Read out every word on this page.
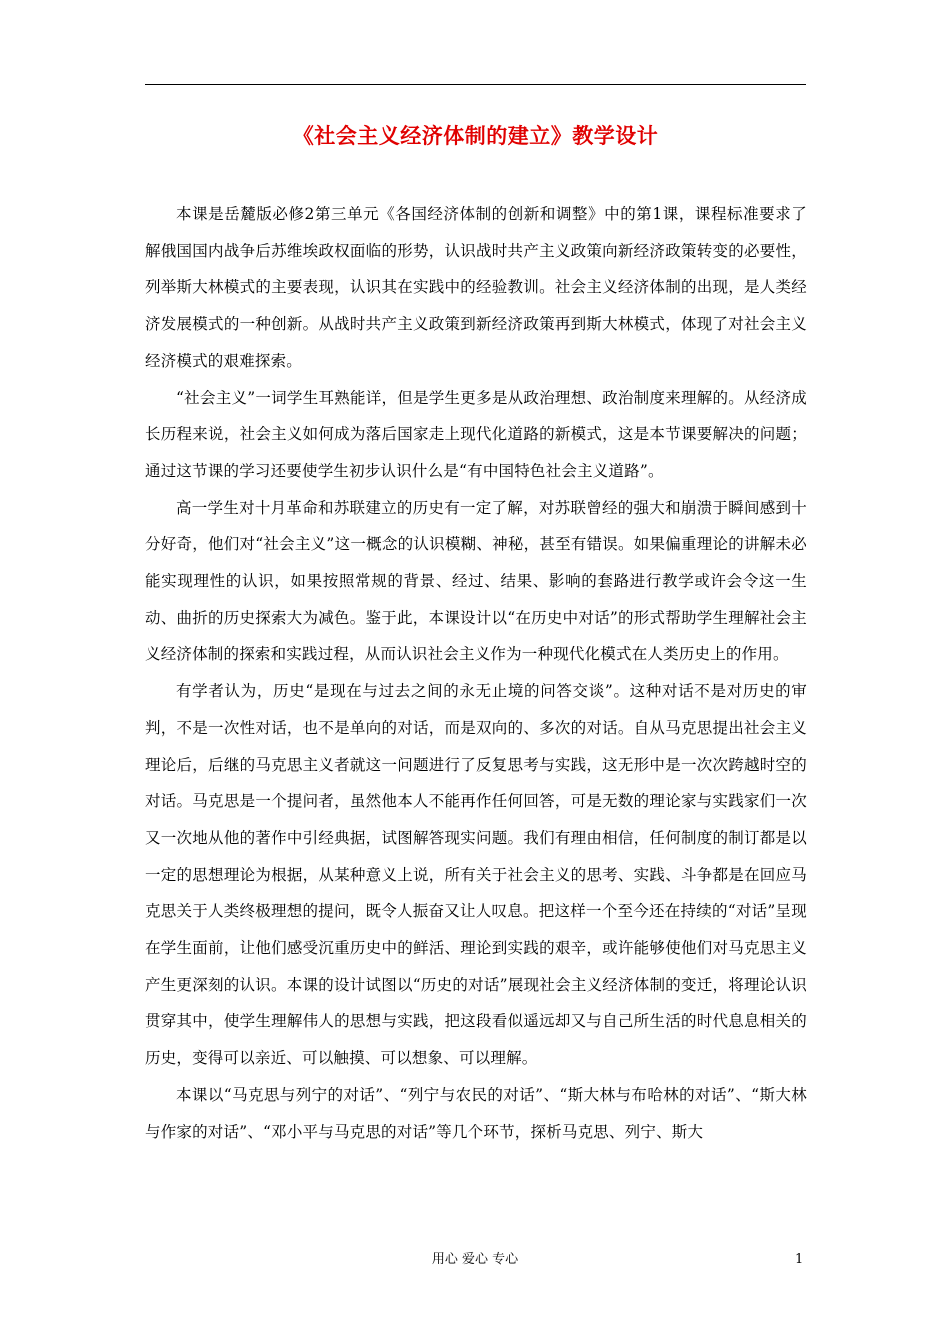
《社会主义经济体制的建立》教学设计

本课是岳麓版必修2第三单元《各国经济体制的创新和调整》中的第1课，课程标准要求了解俄国国内战争后苏维埃政权面临的形势，认识战时共产主义政策向新经济政策转变的必要性，列举斯大林模式的主要表现，认识其在实践中的经验教训。社会主义经济体制的出现，是人类经济发展模式的一种创新。从战时共产主义政策到新经济政策再到斯大林模式，体现了对社会主义经济模式的艰难探索。

“社会主义”一词学生耳熟能详，但是学生更多是从政治理想、政治制度来理解的。从经济成长历程来说，社会主义如何成为落后国家走上现代化道路的新模式，这是本节课要解决的问题；通过这节课的学习还要使学生初步认识什么是“有中国特色社会主义道路”。

高一学生对十月革命和苏联建立的历史有一定了解，对苏联曾经的强大和崩溃于瞬间感到十分好奇，他们对“社会主义”这一概念的认识模糊、神秘，甚至有错误。如果偏重理论的讲解未必能实现理性的认识，如果按照常规的背景、经过、结果、影响的套路进行教学或许会令这一生动、曲折的历史探索大为减色。鉴于此，本课设计以“在历史中对话”的形式帮助学生理解社会主义经济体制的探索和实践过程，从而认识社会主义作为一种现代化模式在人类历史上的作用。

有学者认为，历史“是现在与过去之间的永无止境的问答交谈”。这种对话不是对历史的审判，不是一次性对话，也不是单向的对话，而是双向的、多次的对话。自从马克思提出社会主义理论后，后继的马克思主义者就这一问题进行了反复思考与实践，这无形中是一次次跨越时空的对话。马克思是一个提问者，虽然他本人不能再作任何回答，可是无数的理论家与实践家们一次又一次地从他的著作中引经典据，试图解答现实问题。我们有理由相信，任何制度的制订都是以一定的思想理论为根据，从某种意义上说，所有关于社会主义的思考、实践、斗争都是在回应马克思关于人类终极理想的提问，既令人振奋又让人叹息。把这样一个至今还在持续的“对话”呈现在学生面前，让他们感受沉重历史中的鲜活、理论到实践的艰辛，或许能够使他们对马克思主义产生更深刻的认识。本课的设计试图以“历史的对话”展现社会主义经济体制的变迁，将理论认识贯穿其中，使学生理解伟人的思想与实践，把这段看似遥远却又与自己所生活的时代息息相关的历史，变得可以亲近、可以触摸、可以想象、可以理解。

本课以“马克思与列宁的对话”、“列宁与农民的对话”、“斯大林与布哈林的对话”、“斯大林与作家的对话”、“邓小平与马克思的对话”等几个环节，探析马克思、列宁、斯大

用心 爱心 专心	1
